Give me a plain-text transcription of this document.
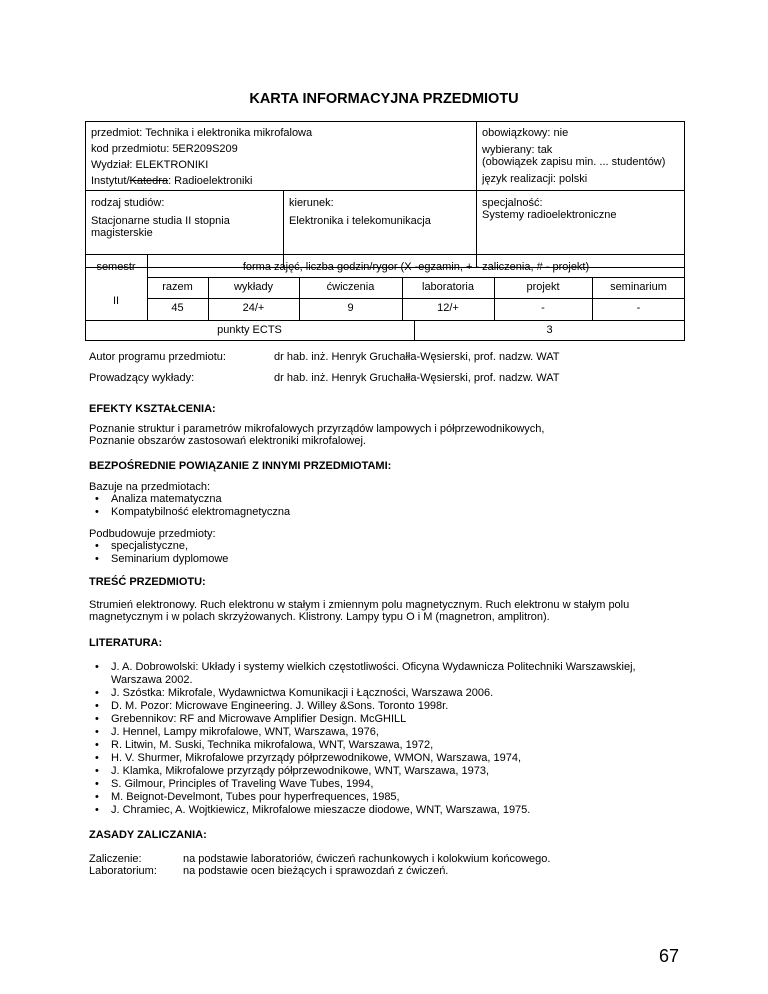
KARTA INFORMACYJNA PRZEDMIOTU
przedmiot: Technika i elektronika mikrofalowa
kod przedmiotu: 5ER209S209
Wydział: ELEKTRONIKI
Instytut/Katedra: Radioelektroniki
obowiązkowy: nie
wybierany: tak
(obowiązek zapisu min. ... studentów)
język realizacji: polski
rodzaj studiów:
Stacjonarne studia II stopnia
magisterskie
kierunek:
Elektronika i telekomunikacja
specjalność:
Systemy radioelektroniczne
semestr	forma zajęć, liczba godzin/rygor (X -egzamin, + - zaliczenia, # - projekt)
II
razem	wykłady	ćwiczenia	laboratoria	projekt	seminarium
45	24/+	9	12/+	-	-
punkty ECTS	3
Autor programu przedmiotu:	dr hab. inż. Henryk Gruchałła-Węsierski, prof. nadzw. WAT
Prowadzący wykłady:	dr hab. inż. Henryk Gruchałła-Węsierski, prof. nadzw. WAT
EFEKTY KSZTAŁCENIA:
Poznanie struktur i parametrów mikrofalowych przyrządów lampowych i półprzewodnikowych,
Poznanie obszarów zastosowań elektroniki mikrofalowej.
BEZPOŚREDNIE POWIĄZANIE Z INNYMI PRZEDMIOTAMI:
Bazuje na przedmiotach:
• Analiza matematyczna
• Kompatybilność elektromagnetyczna
Podbudowuje przedmioty:
• specjalistyczne,
• Seminarium dyplomowe
TREŚĆ PRZEDMIOTU:
Strumień elektronowy. Ruch elektronu w stałym i zmiennym polu magnetycznym. Ruch elektronu w stałym polu
magnetycznym i w polach skrzyżowanych. Klistrony. Lampy typu O i M (magnetron, amplitron).
LITERATURA:
• J. A. Dobrowolski: Układy i systemy wielkich częstotliwości. Oficyna Wydawnicza Politechniki Warszawskiej, Warszawa 2002.
• J. Szóstka: Mikrofale, Wydawnictwa Komunikacji i Łączności, Warszawa 2006.
• D. M. Pozor: Microwave Engineering. J. Willey &Sons. Toronto 1998r.
• Grebennikov: RF and Microwave Amplifier Design. McGHILL
• J. Hennel, Lampy mikrofalowe, WNT, Warszawa, 1976,
• R. Litwin, M. Suski, Technika mikrofalowa, WNT, Warszawa, 1972,
• H. V. Shurmer, Mikrofalowe przyrządy półprzewodnikowe, WMON, Warszawa, 1974,
• J. Klamka, Mikrofalowe przyrządy półprzewodnikowe, WNT, Warszawa, 1973,
• S. Gilmour, Principles of Traveling Wave Tubes, 1994,
• M. Beignot-Develmont, Tubes pour hyperfrequences, 1985,
• J. Chramiec, A. Wojtkiewicz, Mikrofalowe mieszacze diodowe, WNT, Warszawa, 1975.
ZASADY ZALICZANIA:
Zaliczenie:	na podstawie laboratoriów, ćwiczeń rachunkowych i kolokwium końcowego.
Laboratorium: na podstawie ocen bieżących i sprawozdań z ćwiczeń.
67
